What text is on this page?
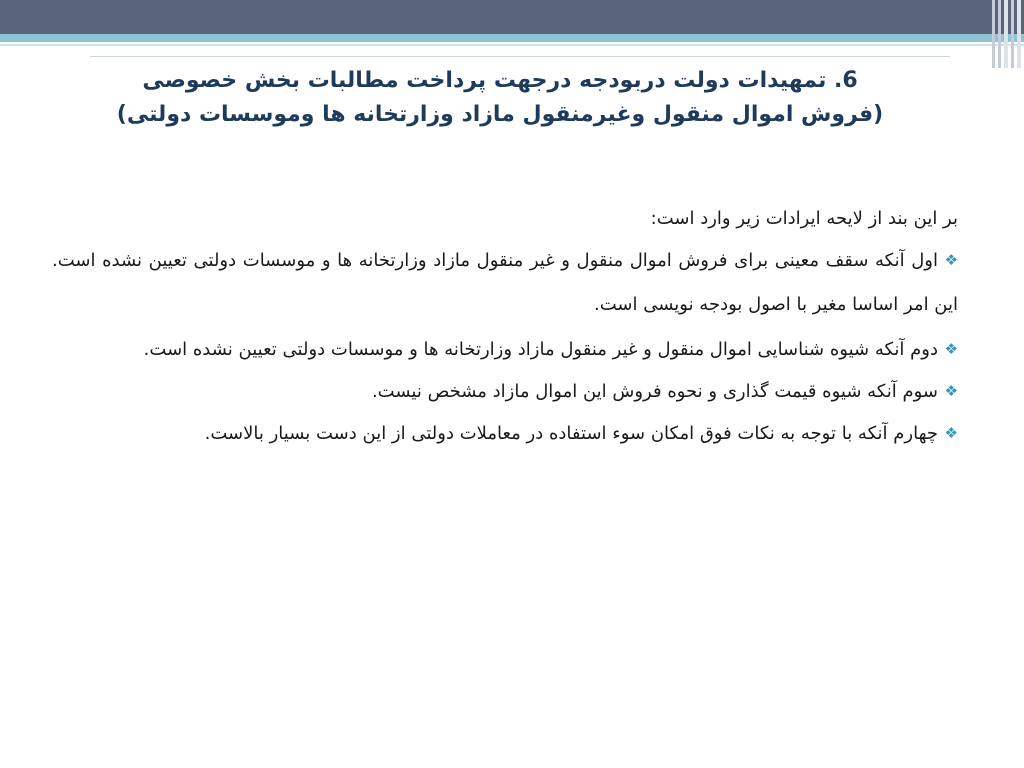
6. تمهیدات دولت دربودجه درجهت پرداخت مطالبات بخش خصوصی
(فروش اموال منقول وغیرمنقول مازاد وزارتخانه ها وموسسات دولتی)

بر این بند از لایحه ایرادات زیر وارد است:

❖اول آنکه سقف معینی برای فروش اموال منقول و غیر منقول مازاد وزارتخانه ها و موسسات دولتی تعیین نشده است. این امر اساسا مغیر با اصول بودجه نویسی است.

❖دوم آنکه شیوه شناسایی اموال منقول و غیر منقول مازاد وزارتخانه ها و موسسات دولتی تعیین نشده است.

❖سوم آنکه شیوه قیمت گذاری و نحوه فروش این اموال مازاد مشخص نیست.

❖چهارم آنکه با توجه به نکات فوق امکان سوء استفاده در معاملات دولتی از این دست بسیار بالاست.
